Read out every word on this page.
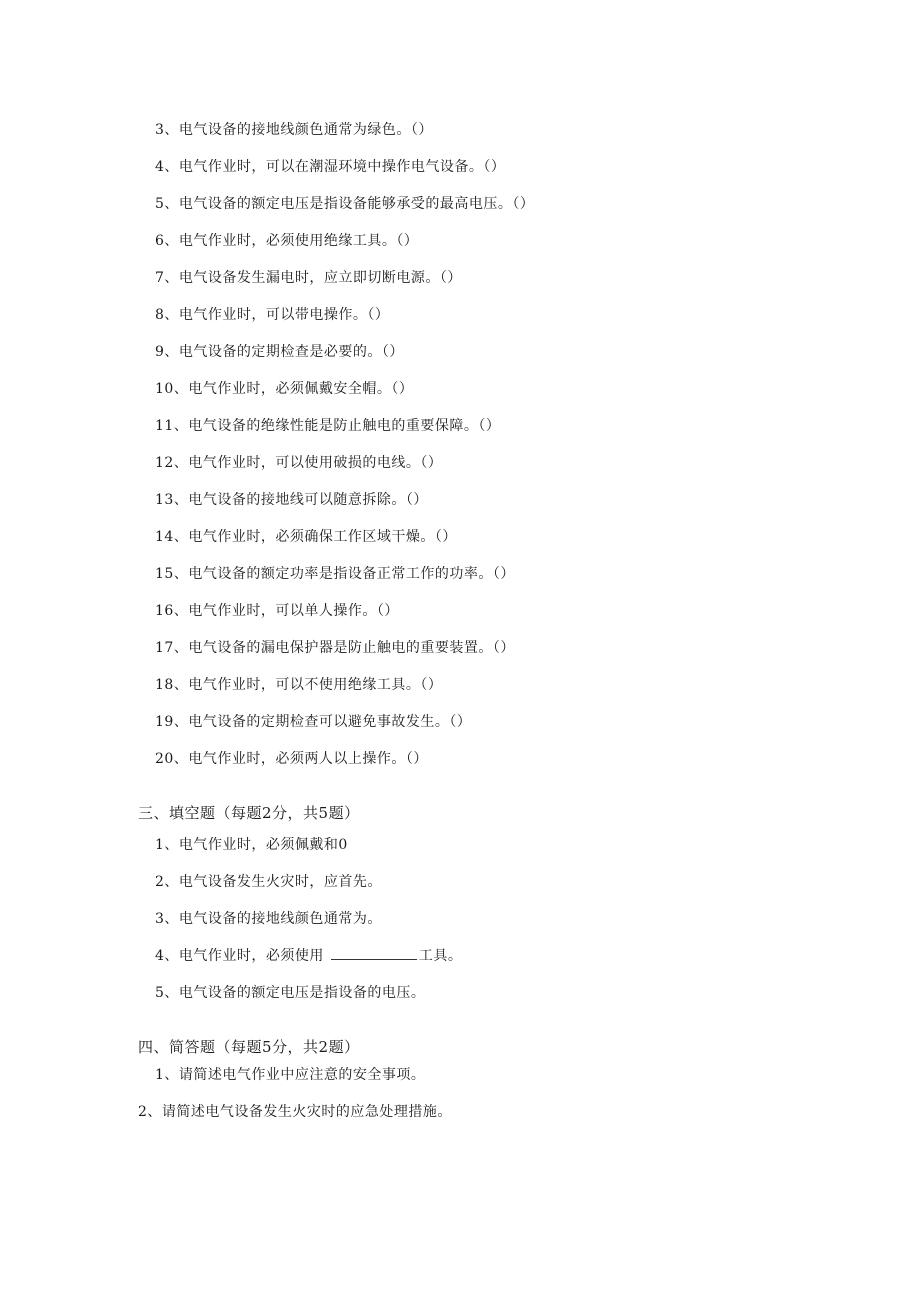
3、电气设备的接地线颜色通常为绿色。（）
4、电气作业时，可以在潮湿环境中操作电气设备。（）
5、电气设备的额定电压是指设备能够承受的最高电压。（）
6、电气作业时，必须使用绝缘工具。（）
7、电气设备发生漏电时，应立即切断电源。（）
8、电气作业时，可以带电操作。（）
9、电气设备的定期检查是必要的。（）
10、电气作业时，必须佩戴安全帽。（）
11、电气设备的绝缘性能是防止触电的重要保障。（）
12、电气作业时，可以使用破损的电线。（）
13、电气设备的接地线可以随意拆除。（）
14、电气作业时，必须确保工作区域干燥。（）
15、电气设备的额定功率是指设备正常工作的功率。（）
16、电气作业时，可以单人操作。（）
17、电气设备的漏电保护器是防止触电的重要装置。（）
18、电气作业时，可以不使用绝缘工具。（）
19、电气设备的定期检查可以避免事故发生。（）
20、电气作业时，必须两人以上操作。（）
三、填空题（每题2分，共5题）
1、电气作业时，必须佩戴和0
2、电气设备发生火灾时，应首先。
3、电气设备的接地线颜色通常为。
4、电气作业时，必须使用	工具。
5、电气设备的额定电压是指设备的电压。
四、简答题（每题5分，共2题）
1、请简述电气作业中应注意的安全事项。
2、请简述电气设备发生火灾时的应急处理措施。
